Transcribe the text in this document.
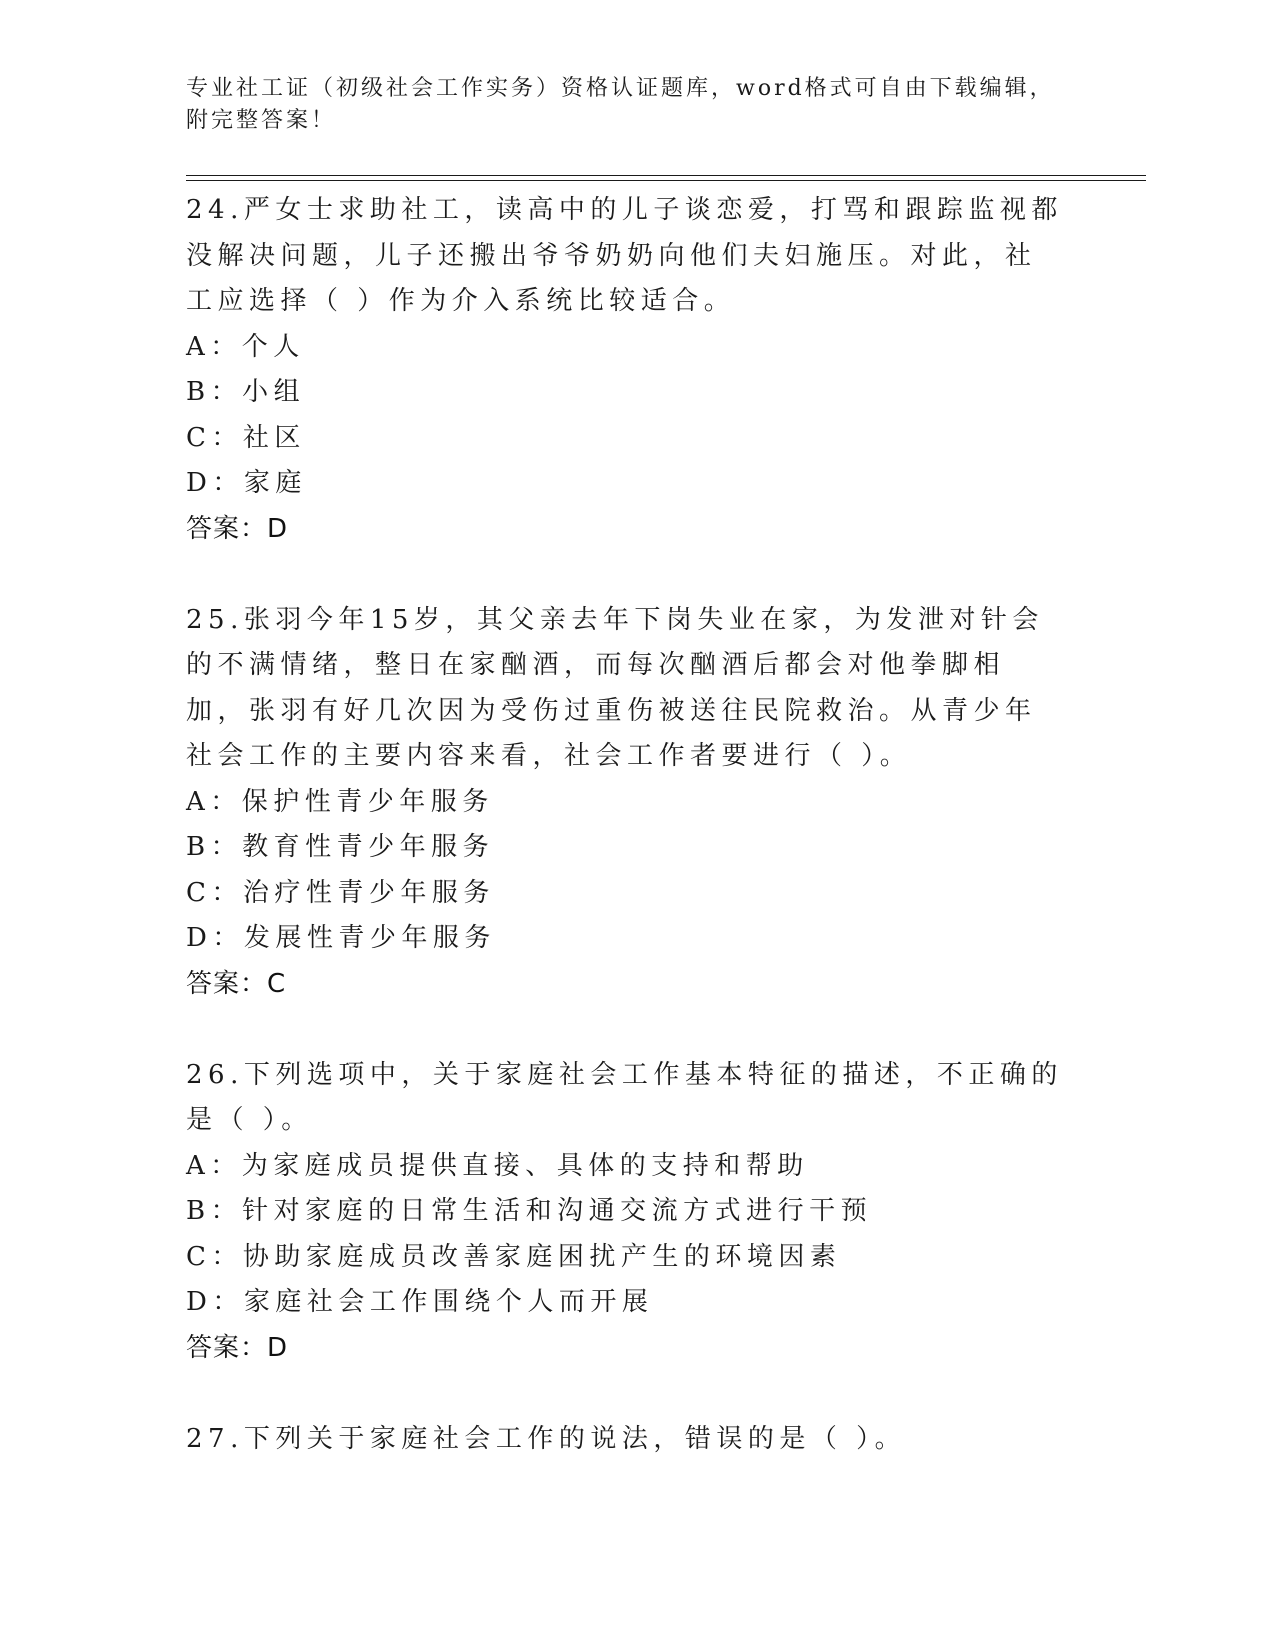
专业社工证（初级社会工作实务）资格认证题库，word格式可自由下载编辑，附完整答案！

24.严女士求助社工，读高中的儿子谈恋爱，打骂和跟踪监视都没解决问题，儿子还搬出爷爷奶奶向他们夫妇施压。对此，社工应选择（ ）作为介入系统比较适合。

A：个人

B：小组

C：社区

D：家庭

答案：D

25.张羽今年15岁，其父亲去年下岗失业在家，为发泄对针会的不满情绪，整日在家酗酒，而每次酗酒后都会对他拳脚相加，张羽有好几次因为受伤过重伤被送往民院救治。从青少年社会工作的主要内容来看，社会工作者要进行（ ）。

A：保护性青少年服务

B：教育性青少年服务

C：治疗性青少年服务

D：发展性青少年服务

答案：C

26.下列选项中，关于家庭社会工作基本特征的描述，不正确的是（ ）。

A：为家庭成员提供直接、具体的支持和帮助

B：针对家庭的日常生活和沟通交流方式进行干预

C：协助家庭成员改善家庭困扰产生的环境因素

D：家庭社会工作围绕个人而开展

答案：D

27.下列关于家庭社会工作的说法，错误的是（ ）。
